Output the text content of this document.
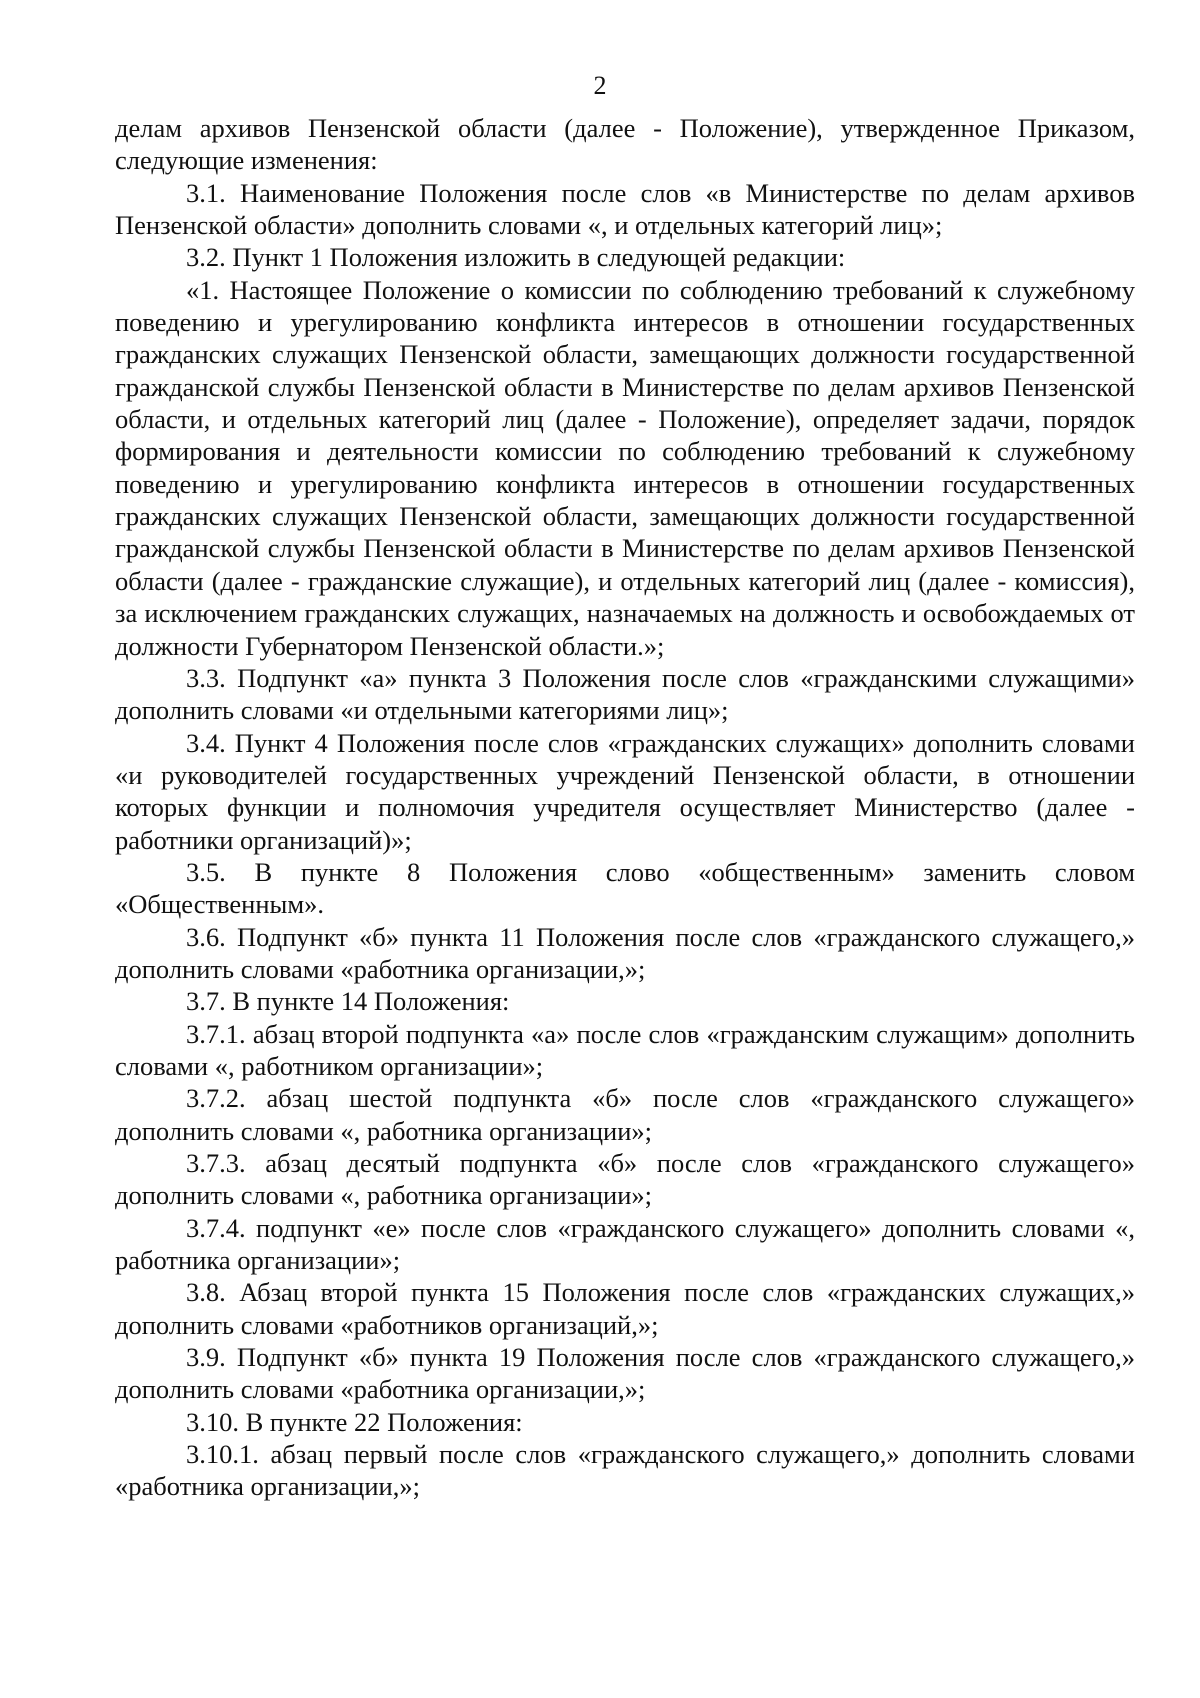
2

делам архивов Пензенской области (далее - Положение), утвержденное Приказом, следующие изменения:

3.1. Наименование Положения после слов «в Министерстве по делам архивов Пензенской области» дополнить словами «, и отдельных категорий лиц»;

3.2. Пункт 1 Положения изложить в следующей редакции:

«1. Настоящее Положение о комиссии по соблюдению требований к служебному поведению и урегулированию конфликта интересов в отношении государственных гражданских служащих Пензенской области, замещающих должности государственной гражданской службы Пензенской области в Министерстве по делам архивов Пензенской области, и отдельных категорий лиц (далее - Положение), определяет задачи, порядок формирования и деятельности комиссии по соблюдению требований к служебному поведению и урегулированию конфликта интересов в отношении государственных гражданских служащих Пензенской области, замещающих должности государственной гражданской службы Пензенской области в Министерстве по делам архивов Пензенской области (далее - гражданские служащие), и отдельных категорий лиц (далее - комиссия), за исключением гражданских служащих, назначаемых на должность и освобождаемых от должности Губернатором Пензенской области.»;

3.3. Подпункт «а» пункта 3 Положения после слов «гражданскими служащими» дополнить словами «и отдельными категориями лиц»;

3.4. Пункт 4 Положения после слов «гражданских служащих» дополнить словами «и руководителей государственных учреждений Пензенской области, в отношении которых функции и полномочия учредителя осуществляет Министерство (далее - работники организаций)»;

3.5. В пункте 8 Положения слово «общественным» заменить словом «Общественным».

3.6. Подпункт «б» пункта 11 Положения после слов «гражданского служащего,» дополнить словами «работника организации,»;

3.7. В пункте 14 Положения:

3.7.1. абзац второй подпункта «а» после слов «гражданским служащим» дополнить словами «, работником организации»;

3.7.2. абзац шестой подпункта «б» после слов «гражданского служащего» дополнить словами «, работника организации»;

3.7.3. абзац десятый подпункта «б» после слов «гражданского служащего» дополнить словами «, работника организации»;

3.7.4. подпункт «е» после слов «гражданского служащего» дополнить словами «, работника организации»;

3.8. Абзац второй пункта 15 Положения после слов «гражданских служащих,» дополнить словами «работников организаций,»;

3.9. Подпункт «б» пункта 19 Положения после слов «гражданского служащего,» дополнить словами «работника организации,»;

3.10. В пункте 22 Положения:

3.10.1. абзац первый после слов «гражданского служащего,» дополнить словами «работника организации,»;
